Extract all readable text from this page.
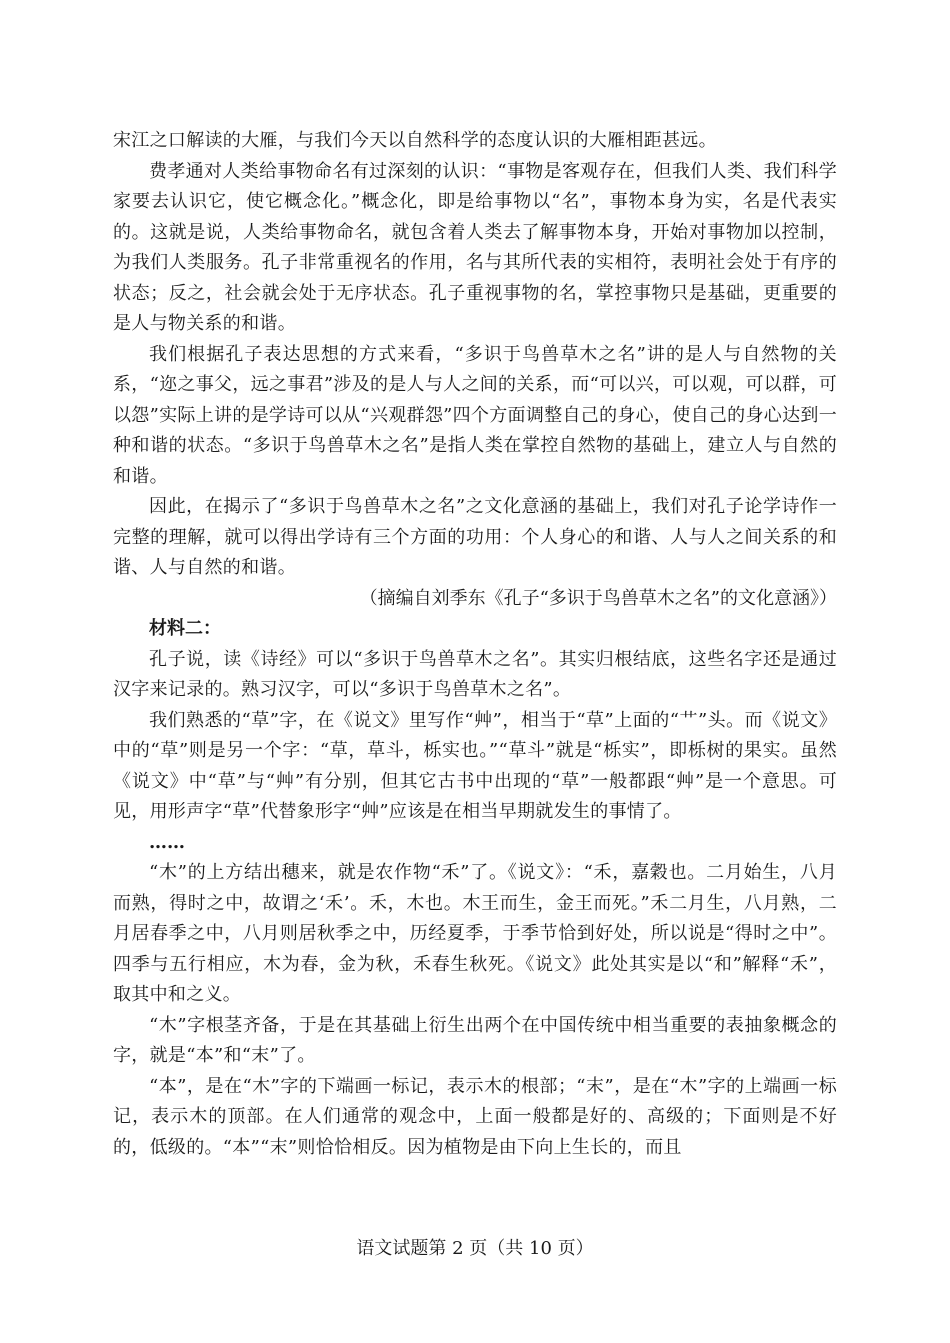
宋江之口解读的大雁，与我们今天以自然科学的态度认识的大雁相距甚远。

费孝通对人类给事物命名有过深刻的认识：“事物是客观存在，但我们人类、我们科学家要去认识它，使它概念化。”概念化，即是给事物以“名”，事物本身为实，名是代表实的。这就是说，人类给事物命名，就包含着人类去了解事物本身，开始对事物加以控制，为我们人类服务。孔子非常重视名的作用，名与其所代表的实相符，表明社会处于有序的状态；反之，社会就会处于无序状态。孔子重视事物的名，掌控事物只是基础，更重要的是人与物关系的和谐。

我们根据孔子表达思想的方式来看，“多识于鸟兽草木之名”讲的是人与自然物的关系，“迩之事父，远之事君”涉及的是人与人之间的关系，而“可以兴，可以观，可以群，可以怨”实际上讲的是学诗可以从“兴观群怨”四个方面调整自己的身心，使自己的身心达到一种和谐的状态。“多识于鸟兽草木之名”是指人类在掌控自然物的基础上，建立人与自然的和谐。

因此，在揭示了“多识于鸟兽草木之名”之文化意涵的基础上，我们对孔子论学诗作一完整的理解，就可以得出学诗有三个方面的功用：个人身心的和谐、人与人之间关系的和谐、人与自然的和谐。

（摘编自刘季东《孔子“多识于鸟兽草木之名”的文化意涵》）

材料二：

孔子说，读《诗经》可以“多识于鸟兽草木之名”。其实归根结底，这些名字还是通过汉字来记录的。熟习汉字，可以“多识于鸟兽草木之名”。

我们熟悉的“草”字，在《说文》里写作“艸”，相当于“草”上面的“艹”头。而《说文》中的“草”则是另一个字：“草，草斗，栎实也。”“草斗”就是“栎实”，即栎树的果实。虽然《说文》中“草”与“艸”有分别，但其它古书中出现的“草”一般都跟“艸”是一个意思。可见，用形声字“草”代替象形字“艸”应该是在相当早期就发生的事情了。

……

“木”的上方结出穗来，就是农作物“禾”了。《说文》：“禾，嘉穀也。二月始生，八月而熟，得时之中，故谓之‘禾’。禾，木也。木王而生，金王而死。”禾二月生，八月熟，二月居春季之中，八月则居秋季之中，历经夏季，于季节恰到好处，所以说是“得时之中”。四季与五行相应，木为春，金为秋，禾春生秋死。《说文》此处其实是以“和”解释“禾”，取其中和之义。

“木”字根茎齐备，于是在其基础上衍生出两个在中国传统中相当重要的表抽象概念的字，就是“本”和“末”了。

“本”，是在“木”字的下端画一标记，表示木的根部；“末”，是在“木”字的上端画一标记，表示木的顶部。在人们通常的观念中，上面一般都是好的、高级的；下面则是不好的，低级的。“本”“末”则恰恰相反。因为植物是由下向上生长的，而且

语文试题第 2 页（共 10 页）
